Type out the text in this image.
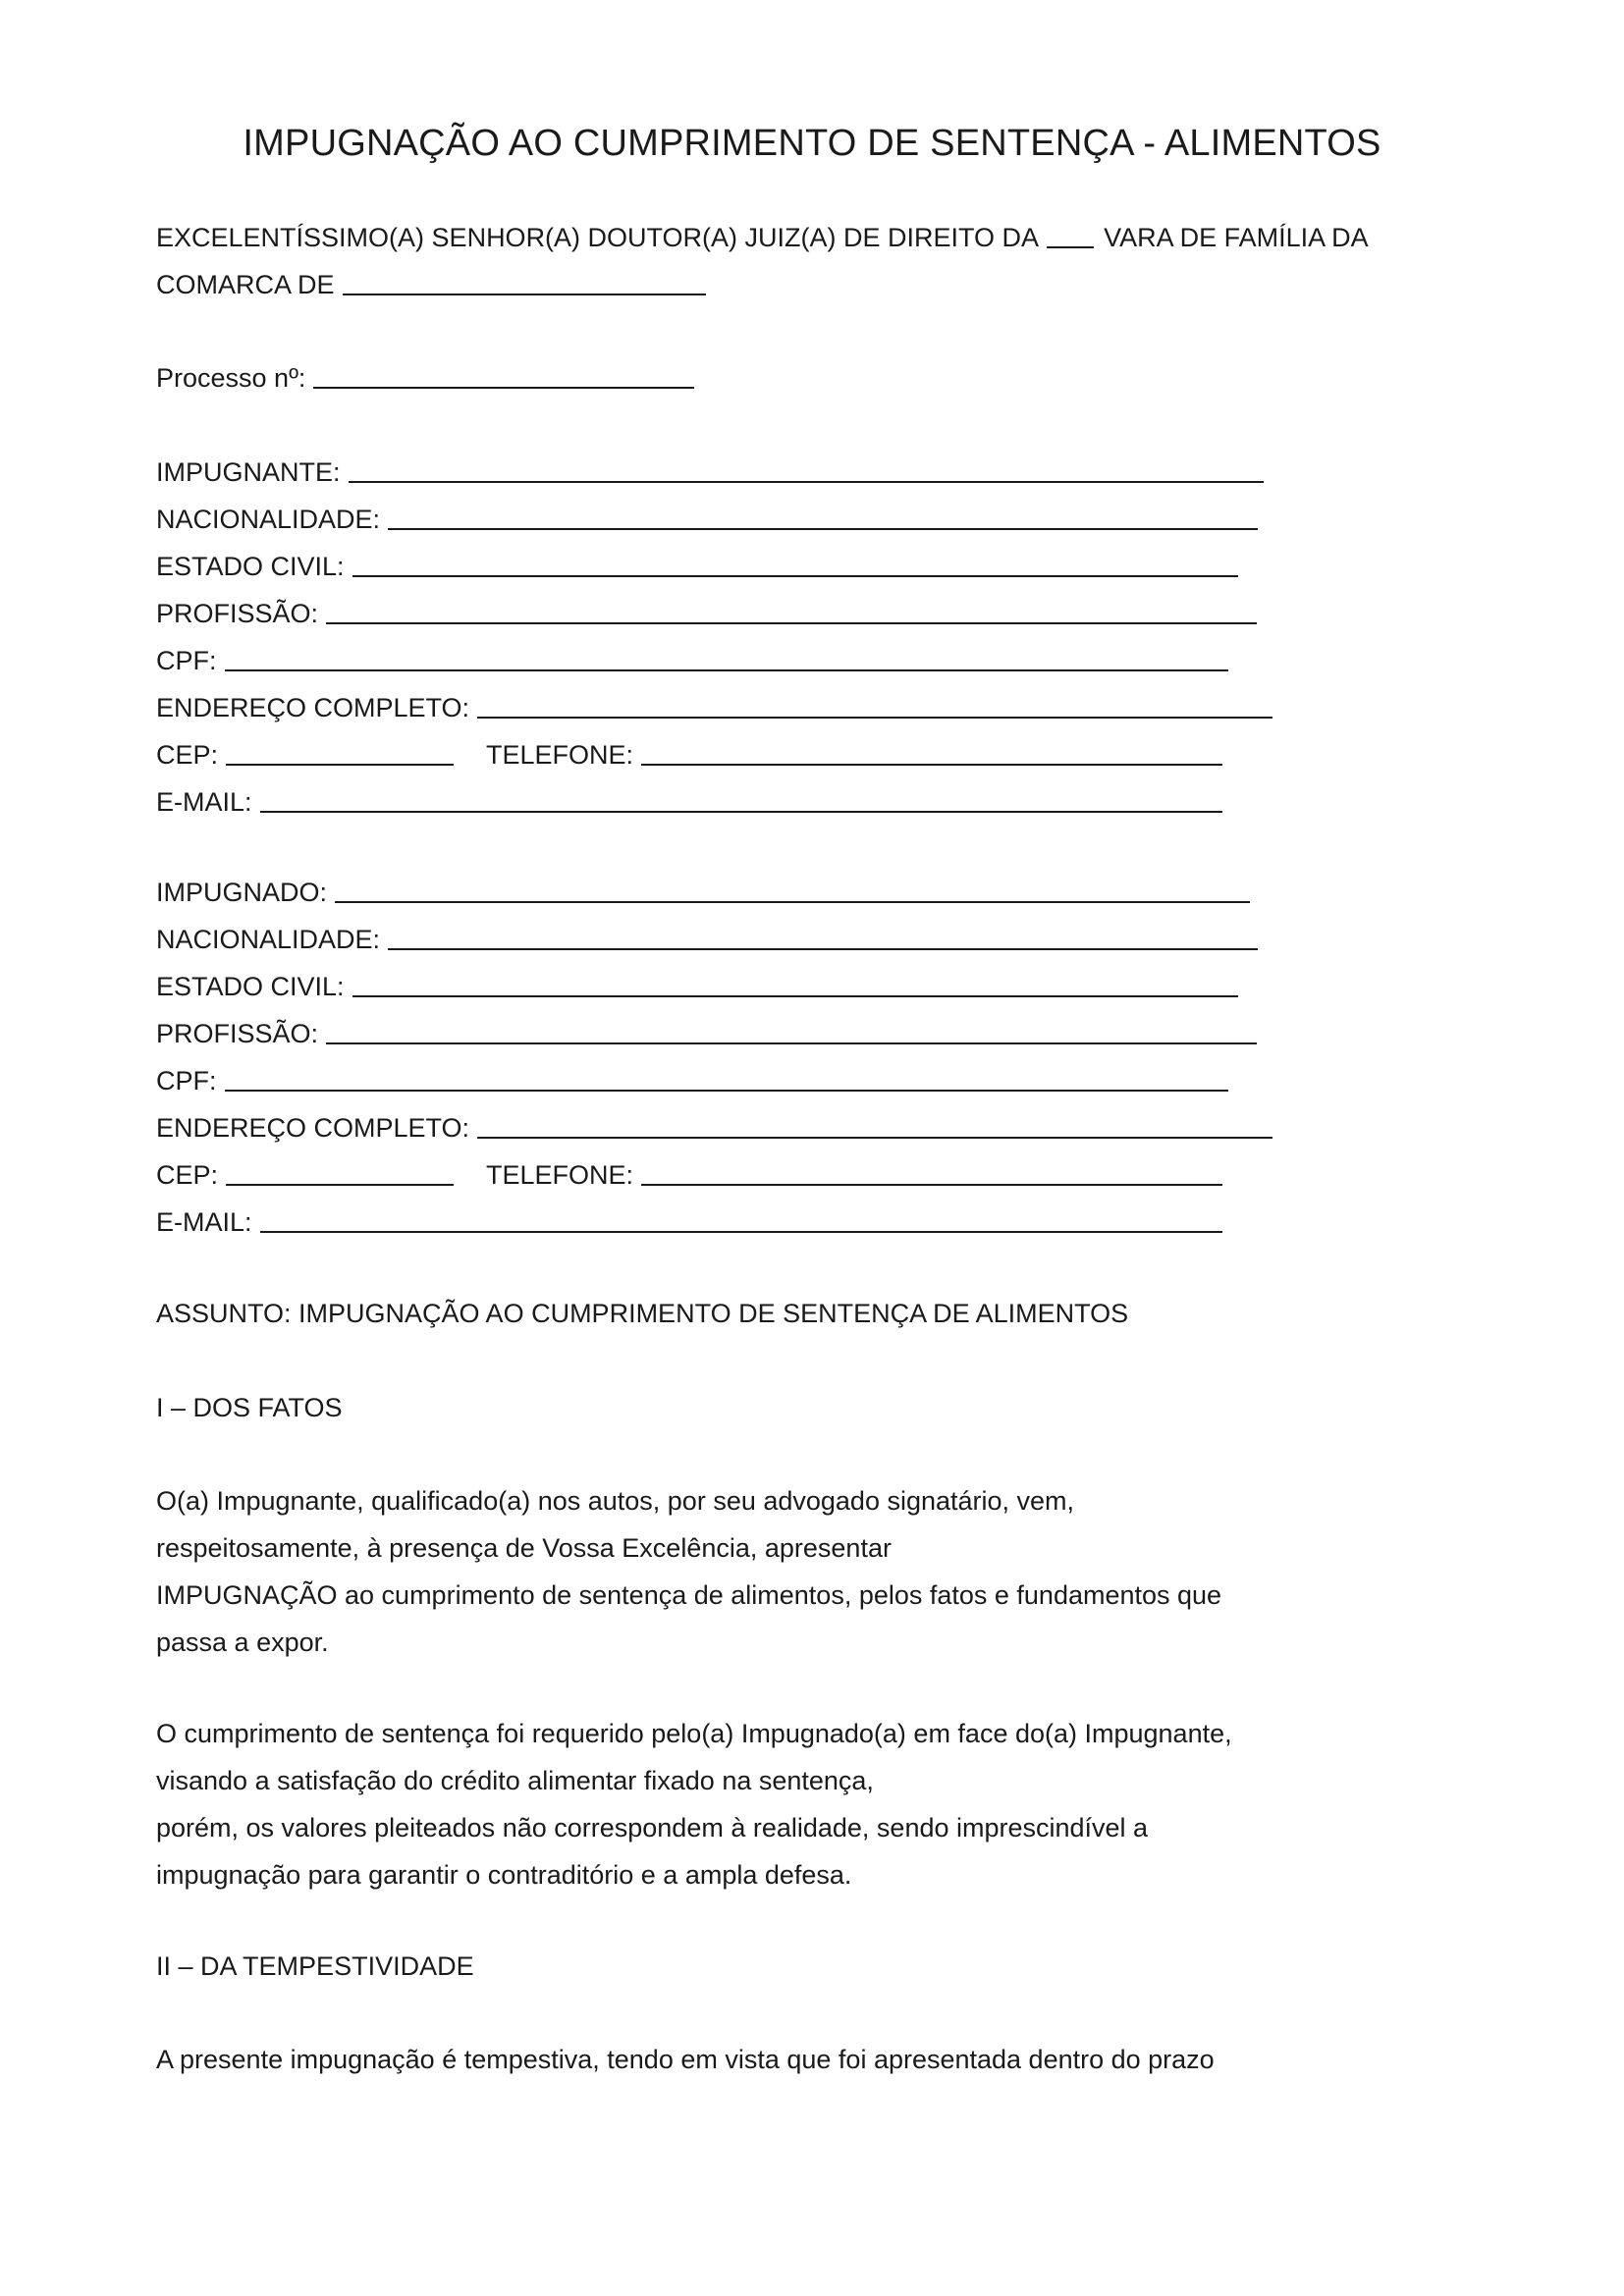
IMPUGNAÇÃO AO CUMPRIMENTO DE SENTENÇA - ALIMENTOS
EXCELENTÍSSIMO(A) SENHOR(A) DOUTOR(A) JUIZ(A) DE DIREITO DA VARA DE FAMÍLIA DA
COMARCA DE
Processo nº:
IMPUGNANTE:
NACIONALIDADE:
ESTADO CIVIL:
PROFISSÃO:
CPF:
ENDEREÇO COMPLETO:
CEP:	TELEFONE:
E-MAIL:
IMPUGNADO:
NACIONALIDADE:
ESTADO CIVIL:
PROFISSÃO:
CPF:
ENDEREÇO COMPLETO:
CEP:	TELEFONE:
E-MAIL:
ASSUNTO: IMPUGNAÇÃO AO CUMPRIMENTO DE SENTENÇA DE ALIMENTOS
I – DOS FATOS
O(a) Impugnante, qualificado(a) nos autos, por seu advogado signatário, vem,
respeitosamente, à presença de Vossa Excelência, apresentar
IMPUGNAÇÃO ao cumprimento de sentença de alimentos, pelos fatos e fundamentos que
passa a expor.
O cumprimento de sentença foi requerido pelo(a) Impugnado(a) em face do(a) Impugnante,
visando a satisfação do crédito alimentar fixado na sentença,
porém, os valores pleiteados não correspondem à realidade, sendo imprescindível a
impugnação para garantir o contraditório e a ampla defesa.
II – DA TEMPESTIVIDADE
A presente impugnação é tempestiva, tendo em vista que foi apresentada dentro do prazo
